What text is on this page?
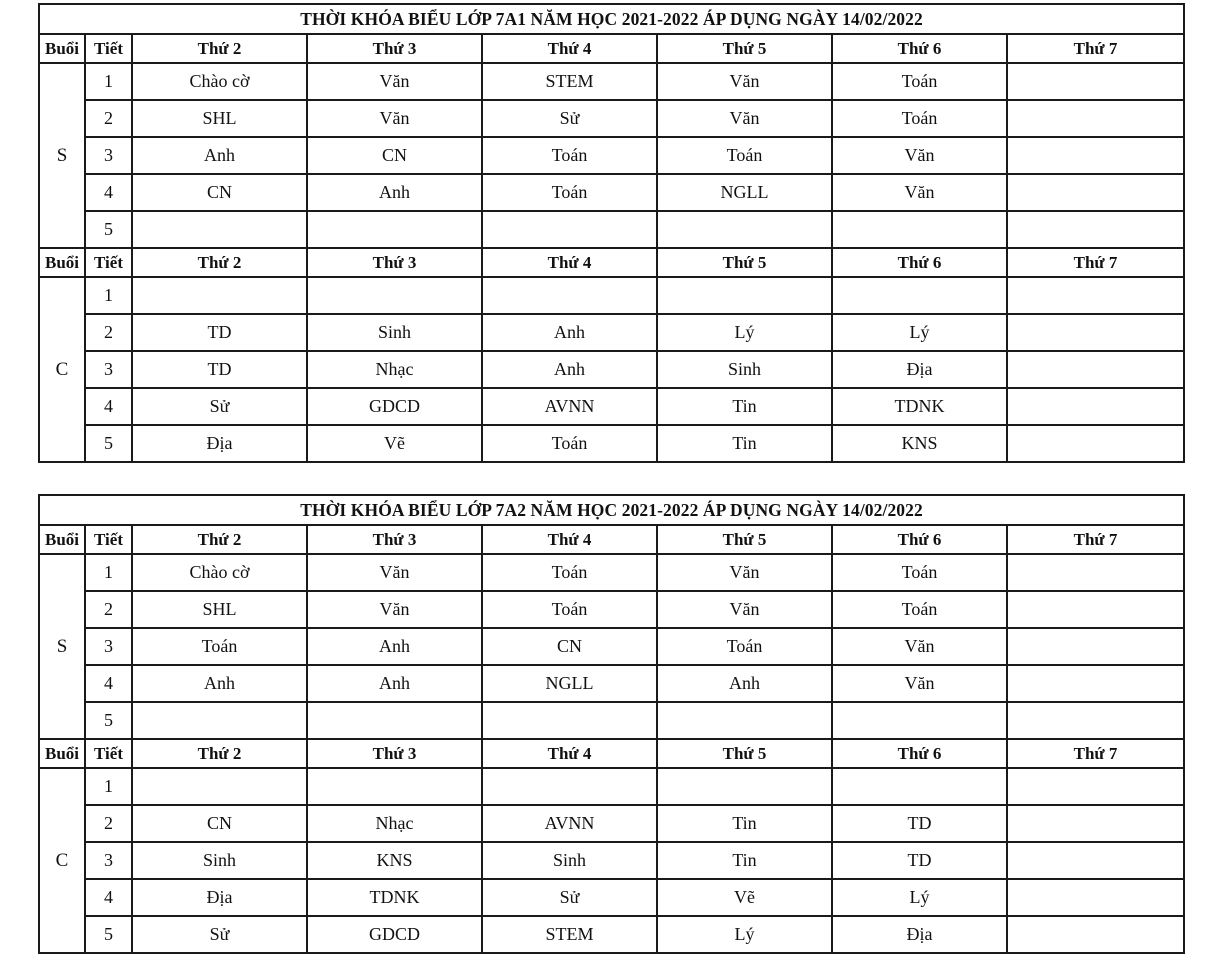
THỜI KHÓA BIỂU LỚP 7A1 NĂM HỌC 2021-2022 ÁP DỤNG NGÀY 14/02/2022							
Buổi	Tiết	Thứ 2	Thứ 3	Thứ 4	Thứ 5	Thứ 6	Thứ 7
S	1	Chào cờ	Văn	STEM	Văn	Toán	
	2	SHL	Văn	Sử	Văn	Toán	
	3	Anh	CN	Toán	Toán	Văn	
	4	CN	Anh	Toán	NGLL	Văn	
	5						
Buổi	Tiết	Thứ 2	Thứ 3	Thứ 4	Thứ 5	Thứ 6	Thứ 7
C	1						
	2	TD	Sinh	Anh	Lý	Lý	
	3	TD	Nhạc	Anh	Sinh	Địa	
	4	Sử	GDCD	AVNN	Tin	TDNK	
	5	Địa	Vẽ	Toán	Tin	KNS	
THỜI KHÓA BIỂU LỚP 7A2 NĂM HỌC 2021-2022 ÁP DỤNG NGÀY 14/02/2022							
Buổi	Tiết	Thứ 2	Thứ 3	Thứ 4	Thứ 5	Thứ 6	Thứ 7
S	1	Chào cờ	Văn	Toán	Văn	Toán	
	2	SHL	Văn	Toán	Văn	Toán	
	3	Toán	Anh	CN	Toán	Văn	
	4	Anh	Anh	NGLL	Anh	Văn	
	5						
Buổi	Tiết	Thứ 2	Thứ 3	Thứ 4	Thứ 5	Thứ 6	Thứ 7
C	1						
	2	CN	Nhạc	AVNN	Tin	TD	
	3	Sinh	KNS	Sinh	Tin	TD	
	4	Địa	TDNK	Sử	Vẽ	Lý	
	5	Sử	GDCD	STEM	Lý	Địa	
